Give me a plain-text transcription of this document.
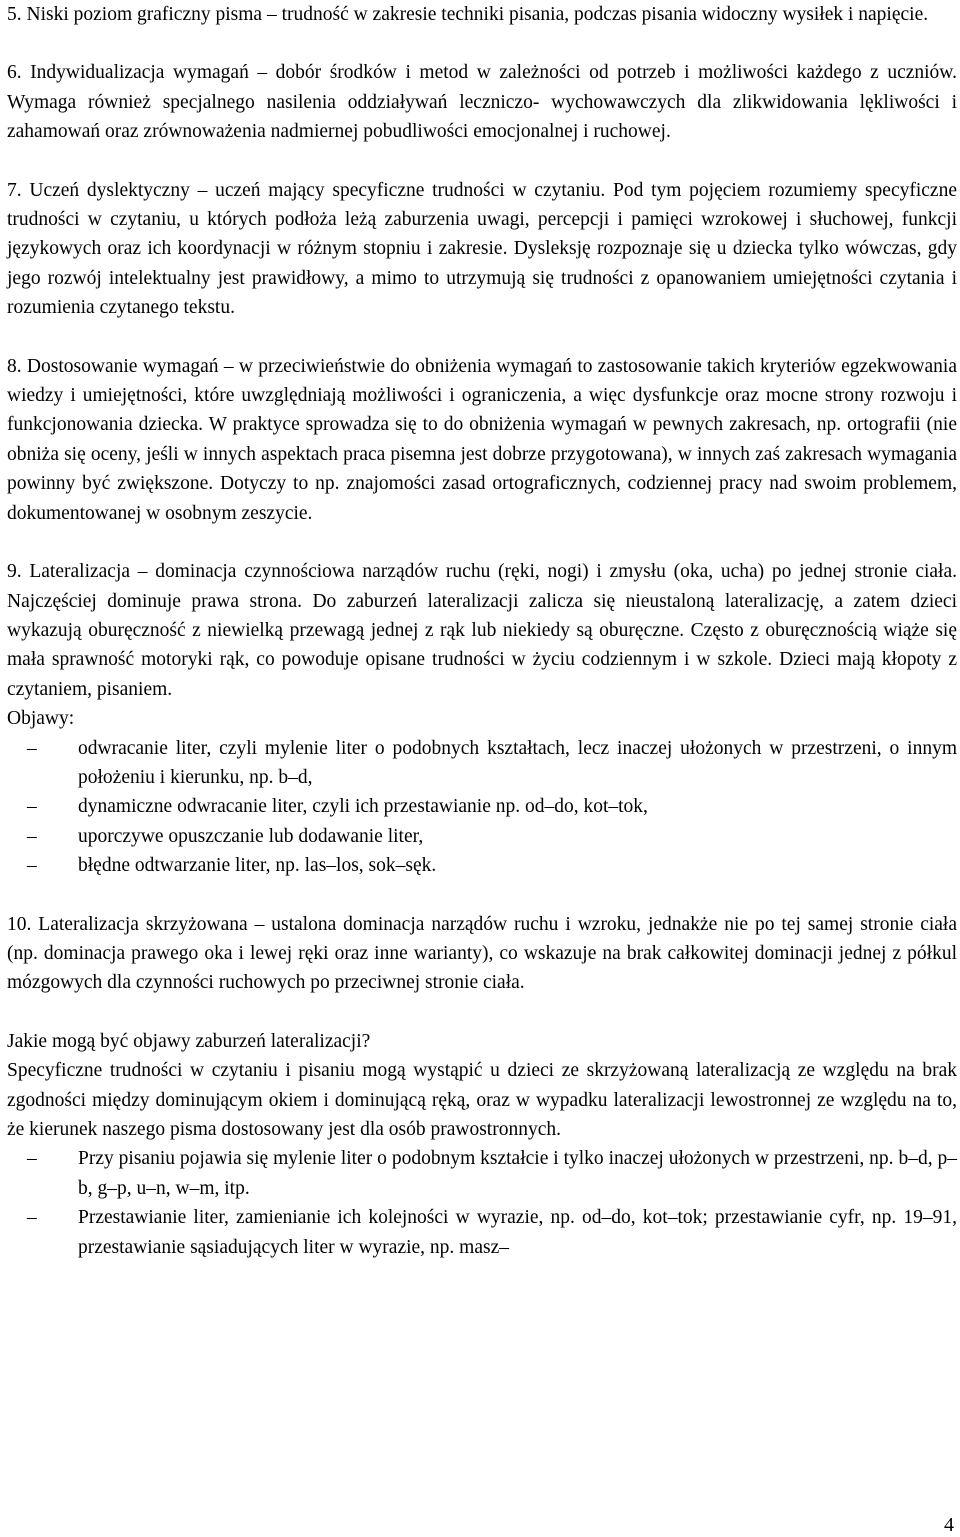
5. Niski poziom graficzny pisma – trudność w zakresie techniki pisania, podczas pisania widoczny wysiłek i napięcie.

6. Indywidualizacja wymagań – dobór środków i metod w zależności od potrzeb i możliwości każdego z uczniów. Wymaga również specjalnego nasilenia oddziaływań leczniczo- wychowawczych dla zlikwidowania lękliwości i zahamowań oraz zrównoważenia nadmiernej pobudliwości emocjonalnej i ruchowej.

7. Uczeń dyslektyczny – uczeń mający specyficzne trudności w czytaniu. Pod tym pojęciem rozumiemy specyficzne trudności w czytaniu, u których podłoża leżą zaburzenia uwagi, percepcji i pamięci wzrokowej i słuchowej, funkcji językowych oraz ich koordynacji w różnym stopniu i zakresie. Dysleksję rozpoznaje się u dziecka tylko wówczas, gdy jego rozwój intelektualny jest prawidłowy, a mimo to utrzymują się trudności z opanowaniem umiejętności czytania i rozumienia czytanego tekstu.

8. Dostosowanie wymagań – w przeciwieństwie do obniżenia wymagań to zastosowanie takich kryteriów egzekwowania wiedzy i umiejętności, które uwzględniają możliwości i ograniczenia, a więc dysfunkcje oraz mocne strony rozwoju i funkcjonowania dziecka. W praktyce sprowadza się to do obniżenia wymagań w pewnych zakresach, np. ortografii (nie obniża się oceny, jeśli w innych aspektach praca pisemna jest dobrze przygotowana), w innych zaś zakresach wymagania powinny być zwiększone. Dotyczy to np. znajomości zasad ortograficznych, codziennej pracy nad swoim problemem, dokumentowanej w osobnym zeszycie.

9. Lateralizacja – dominacja czynnościowa narządów ruchu (ręki, nogi) i zmysłu (oka, ucha) po jednej stronie ciała. Najczęściej dominuje prawa strona. Do zaburzeń lateralizacji zalicza się nieustaloną lateralizację, a zatem dzieci wykazują oburęczność z niewielką przewagą jednej z rąk lub niekiedy są oburęczne. Często z oburęcznością wiąże się mała sprawność motoryki rąk, co powoduje opisane trudności w życiu codziennym i w szkole. Dzieci mają kłopoty z czytaniem, pisaniem.

Objawy:

– odwracanie liter, czyli mylenie liter o podobnych kształtach, lecz inaczej ułożonych w przestrzeni, o innym położeniu i kierunku, np. b–d,
– dynamiczne odwracanie liter, czyli ich przestawianie np. od–do, kot–tok,
– uporczywe opuszczanie lub dodawanie liter,
– błędne odtwarzanie liter, np. las–los, sok–sęk.

10. Lateralizacja skrzyżowana – ustalona dominacja narządów ruchu i wzroku, jednakże nie po tej samej stronie ciała (np. dominacja prawego oka i lewej ręki oraz inne warianty), co wskazuje na brak całkowitej dominacji jednej z półkul mózgowych dla czynności ruchowych po przeciwnej stronie ciała.

Jakie mogą być objawy zaburzeń lateralizacji?

Specyficzne trudności w czytaniu i pisaniu mogą wystąpić u dzieci ze skrzyżowaną lateralizacją ze względu na brak zgodności między dominującym okiem i dominującą ręką, oraz w wypadku lateralizacji lewostronnej ze względu na to, że kierunek naszego pisma dostosowany jest dla osób prawostronnych.

– Przy pisaniu pojawia się mylenie liter o podobnym kształcie i tylko inaczej ułożonych w przestrzeni, np. b–d, p–b, g–p, u–n, w–m, itp.
– Przestawianie liter, zamienianie ich kolejności w wyrazie, np. od–do, kot–tok; przestawianie cyfr, np. 19–91, przestawianie sąsiadujących liter w wyrazie, np. masz–
4
